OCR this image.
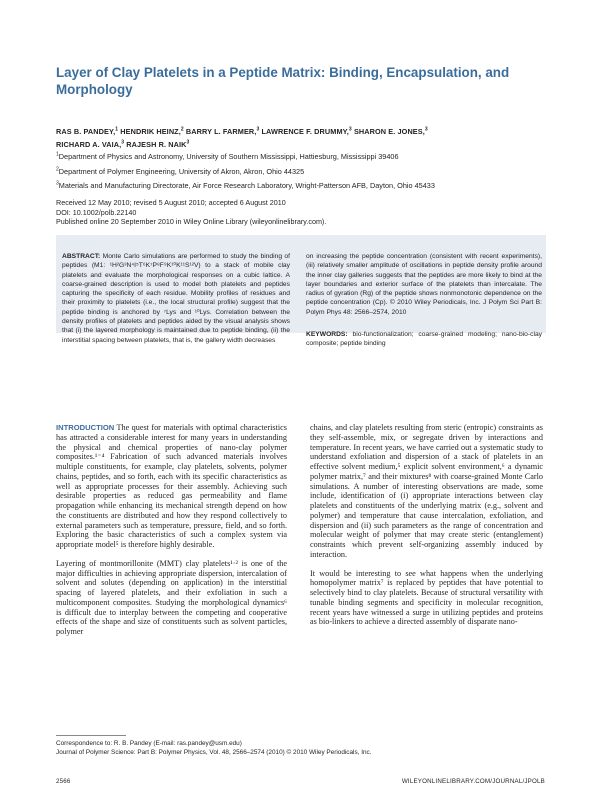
Layer of Clay Platelets in a Peptide Matrix: Binding, Encapsulation, and Morphology
RAS B. PANDEY,$^1$ HENDRIK HEINZ,$^2$ BARRY L. FARMER,$^3$ LAWRENCE F. DRUMMY,$^3$ SHARON E. JONES,$^3$
RICHARD A. VAIA,$^3$ RAJESH R. NAIK$^3$
$^1$Department of Physics and Astronomy, University of Southern Mississippi, Hattiesburg, Mississippi 39406
$^2$Department of Polymer Engineering, University of Akron, Akron, Ohio 44325
$^3$Materials and Manufacturing Directorate, Air Force Research Laboratory, Wright-Patterson AFB, Dayton, Ohio 45433
Received 12 May 2010; revised 5 August 2010; accepted 6 August 2010
DOI: 10.1002/polb.22140
Published online 20 September 2010 in Wiley Online Library (wileyonlinelibrary.com).
ABSTRACT: Monte Carlo simulations are performed to study the binding of peptides (M1: ¹H²G³N⁴I⁵T⁶K⁷P⁸F⁹K¹⁰K¹¹S¹²V) to a stack of mobile clay platelets and evaluate the morphological responses on a cubic lattice. A coarse-grained description is used to model both platelets and peptides capturing the specificity of each residue. Mobility profiles of residues and their proximity to platelets (i.e., the local structural profile) suggest that the peptide binding is anchored by ⁷Lys and ¹⁰Lys. Correlation between the density profiles of platelets and peptides aided by the visual analysis shows that (i) the layered morphology is maintained due to peptide binding, (ii) the interstitial spacing between platelets, that is, the gallery width decreases
on increasing the peptide concentration (consistent with recent experiments), (iii) relatively smaller amplitude of oscillations in peptide density profile around the inner clay galleries suggests that the peptides are more likely to bind at the layer boundaries and exterior surface of the platelets than intercalate. The radius of gyration (Rg) of the peptide shows nonmonotonic dependence on the peptide concentration (Cp). © 2010 Wiley Periodicals, Inc. J Polym Sci Part B: Polym Phys 48: 2566–2574, 2010
KEYWORDS: bio-functionalization; coarse-grained modeling; nano-bio-clay composite; peptide binding

INTRODUCTION The quest for materials with optimal characteristics has attracted a considerable interest for many years in understanding the physical and chemical properties of nano-clay polymer composites.¹⁻⁴ Fabrication of such advanced materials involves multiple constituents, for example, clay platelets, solvents, polymer chains, peptides, and so forth, each with its specific characteristics as well as appropriate processes for their assembly. Achieving such desirable properties as reduced gas permeability and flame propagation while enhancing its mechanical strength depend on how the constituents are distributed and how they respond collectively to external parameters such as temperature, pressure, field, and so forth. Exploring the basic characteristics of such a complex system via appropriate model⁵ is therefore highly desirable.

Layering of montmorillonite (MMT) clay platelets¹·² is one of the major difficulties in achieving appropriate dispersion, intercalation of solvent and solutes (depending on application) in the interstitial spacing of layered platelets, and their exfoliation in such a multicomponent composites. Studying the morphological dynamics⁶ is difficult due to interplay between the competing and cooperative effects of the shape and size of constituents such as solvent particles, polymer

chains, and clay platelets resulting from steric (entropic) constraints as they self-assemble, mix, or segregate driven by interactions and temperature. In recent years, we have carried out a systematic study to understand exfoliation and dispersion of a stack of platelets in an effective solvent medium,⁵ explicit solvent environment,⁶ a dynamic polymer matrix,⁷ and their mixtures⁸ with coarse-grained Monte Carlo simulations. A number of interesting observations are made, some include, identification of (i) appropriate interactions between clay platelets and constituents of the underlying matrix (e.g., solvent and polymer) and temperature that cause intercalation, exfoliation, and dispersion and (ii) such parameters as the range of concentration and molecular weight of polymer that may create steric (entanglement) constraints which prevent self-organizing assembly induced by interaction.

It would be interesting to see what happens when the underlying homopolymer matrix⁷ is replaced by peptides that have potential to selectively bind to clay platelets. Because of structural versatility with tunable binding segments and specificity in molecular recognition, recent years have witnessed a surge in utilizing peptides and proteins as bio-linkers to achieve a directed assembly of disparate nano-

Correspondence to: R. B. Pandey (E-mail: ras.pandey@usm.edu)
Journal of Polymer Science: Part B: Polymer Physics, Vol. 48, 2566–2574 (2010) © 2010 Wiley Periodicals, Inc.
2566	WILEYONLINELIBRARY.COM/JOURNAL/JPOLB
